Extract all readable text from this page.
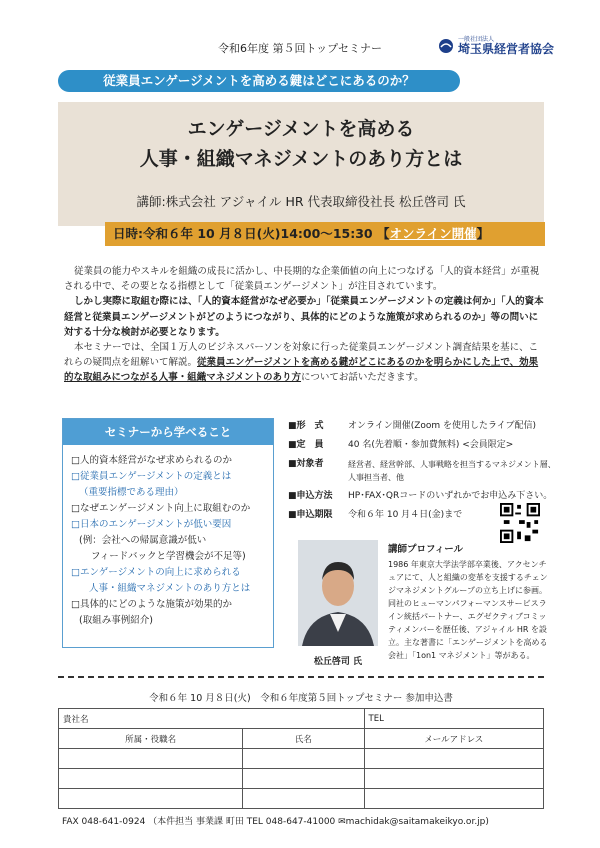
令和6年度 第５回トップセミナー
一般社団法人
埼玉県経営者協会
従業員エンゲージメントを高める鍵はどこにあるのか？
エンゲージメントを高める
人事・組織マネジメントのあり方とは
講師:株式会社 アジャイル HR 代表取締役社長 松丘啓司 氏
日時:令和６年 10 月８日(火)14:00～15:30 【オンライン開催】

従業員の能力やスキルを組織の成長に活かし、中長期的な企業価値の向上につなげる「人的資本経営」が重視される中で、その要となる指標として「従業員エンゲージメント」が注目されています。

しかし実際に取組む際には、「人的資本経営がなぜ必要か」「従業員エンゲージメントの定義は何か」「人的資本経営と従業員エンゲージメントがどのようにつながり、具体的にどのような施策が求められるのか」等の問いに対する十分な検討が必要となります。

本セミナーでは、全国１万人のビジネスパーソンを対象に行った従業員エンゲージメント調査結果を基に、これらの疑問点を紐解いて解説。従業員エンゲージメントを高める鍵がどこにあるのかを明らかにした上で、効果的な取組みにつながる人事・組織マネジメントのあり方についてお話いただきます。

セミナーから学べること
□人的資本経営がなぜ求められるのか
□従業員エンゲージメントの定義とは
（重要指標である理由）
□なぜエンゲージメント向上に取組むのか
□日本のエンゲージメントが低い要因
(例：会社への帰属意識が低い
フィードバックと学習機会が不足等)
□エンゲージメントの向上に求められる
人事・組織マネジメントのあり方とは
□具体的にどのような施策が効果的か
(取組み事例紹介)
■形　式	オンライン開催(Zoom を使用したライブ配信)
■定　員	40 名(先着順・参加費無料) <会員限定>
■対象者	経営者、経営幹部、人事戦略を担当するマネジメント層、人事担当者、他
■申込方法	HP･FAX･QRコードのいずれかでお申込み下さい。
■申込期限	令和６年 10 月４日(金)まで
松丘啓司 氏
講師プロフィール
1986 年東京大学法学部卒業後、アクセンチュアにて、人と組織の変革を支援するチェンジマネジメントグループの立ち上げに参画。同社のヒューマンパフォーマンスサービスライン統括パートナー、エグゼクティブコミッティメンバーを歴任後、アジャイル HR を設立。主な著書に「エンゲージメントを高める会社」「1on1 マネジメント」等がある。
令和６年 10 月８日(火)　令和６年度第５回トップセミナー 参加申込書
貴社名		TEL
所属・役職名	氏名	メールアドレス

FAX 048-641-0924 （本件担当 事業課 町田 TEL 048-647-41000 ✉machidak@saitamakeikyo.or.jp)
